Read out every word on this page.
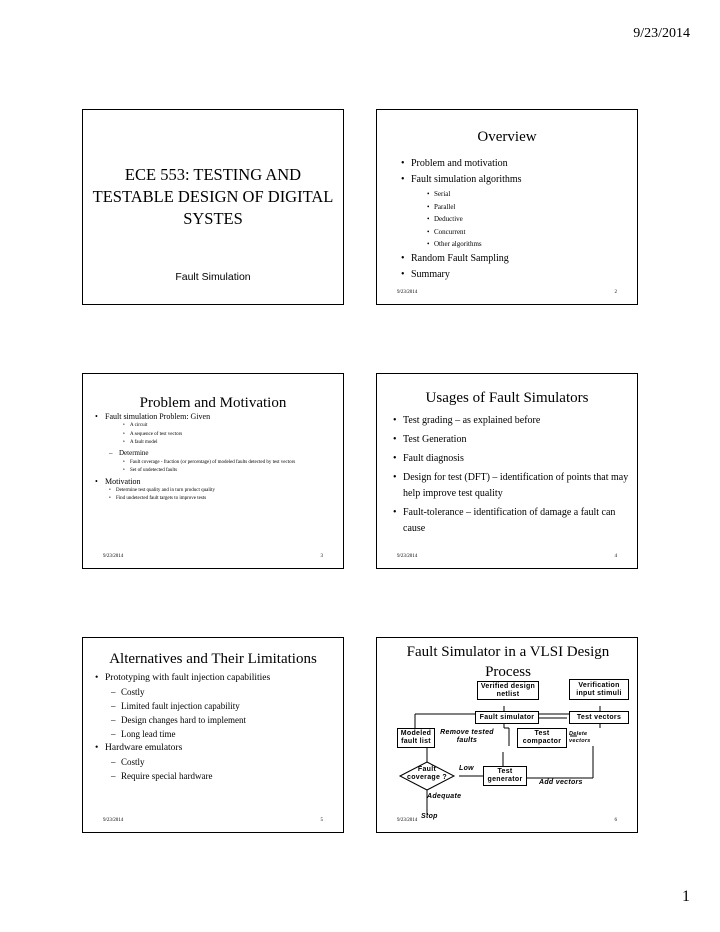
9/23/2014
ECE 553: TESTING AND TESTABLE DESIGN OF DIGITAL SYSTES
Fault Simulation
Overview
• Problem and motivation
• Fault simulation algorithms
• Serial
• Parallel
• Deductive
• Concurrent
• Other algorithms
• Random Fault Sampling
• Summary
9/23/2014	2
Problem and Motivation
• Fault simulation Problem: Given
• A circuit
• A sequence of test vectors
• A fault model
– Determine
• Fault coverage - fraction (or percentage) of modeled faults detected by test vectors
• Set of undetected faults
• Motivation
• Determine test quality and in turn product quality
• Find undetected fault targets to improve tests
9/23/2014	3
Usages of Fault Simulators
• Test grading – as explained before
• Test Generation
• Fault diagnosis
• Design for test (DFT) – identification of points that may help improve test quality
• Fault-tolerance – identification of damage a fault can cause
9/23/2014	4
Alternatives and Their Limitations
• Prototyping with fault injection capabilities
– Costly
– Limited fault injection capability
– Design changes hard to implement
– Long lead time
• Hardware emulators
– Costly
– Require special hardware
9/23/2014	5
Fault Simulator in a VLSI Design Process
Verified design netlist
Verification input stimuli
Fault simulator	Test vectors
Modeled fault list
Remove tested faults
Test compactor
Delete vectors
Fault coverage ?
Low	Test generator	Add vectors
Adequate
Stop
9/23/2014	6
1
